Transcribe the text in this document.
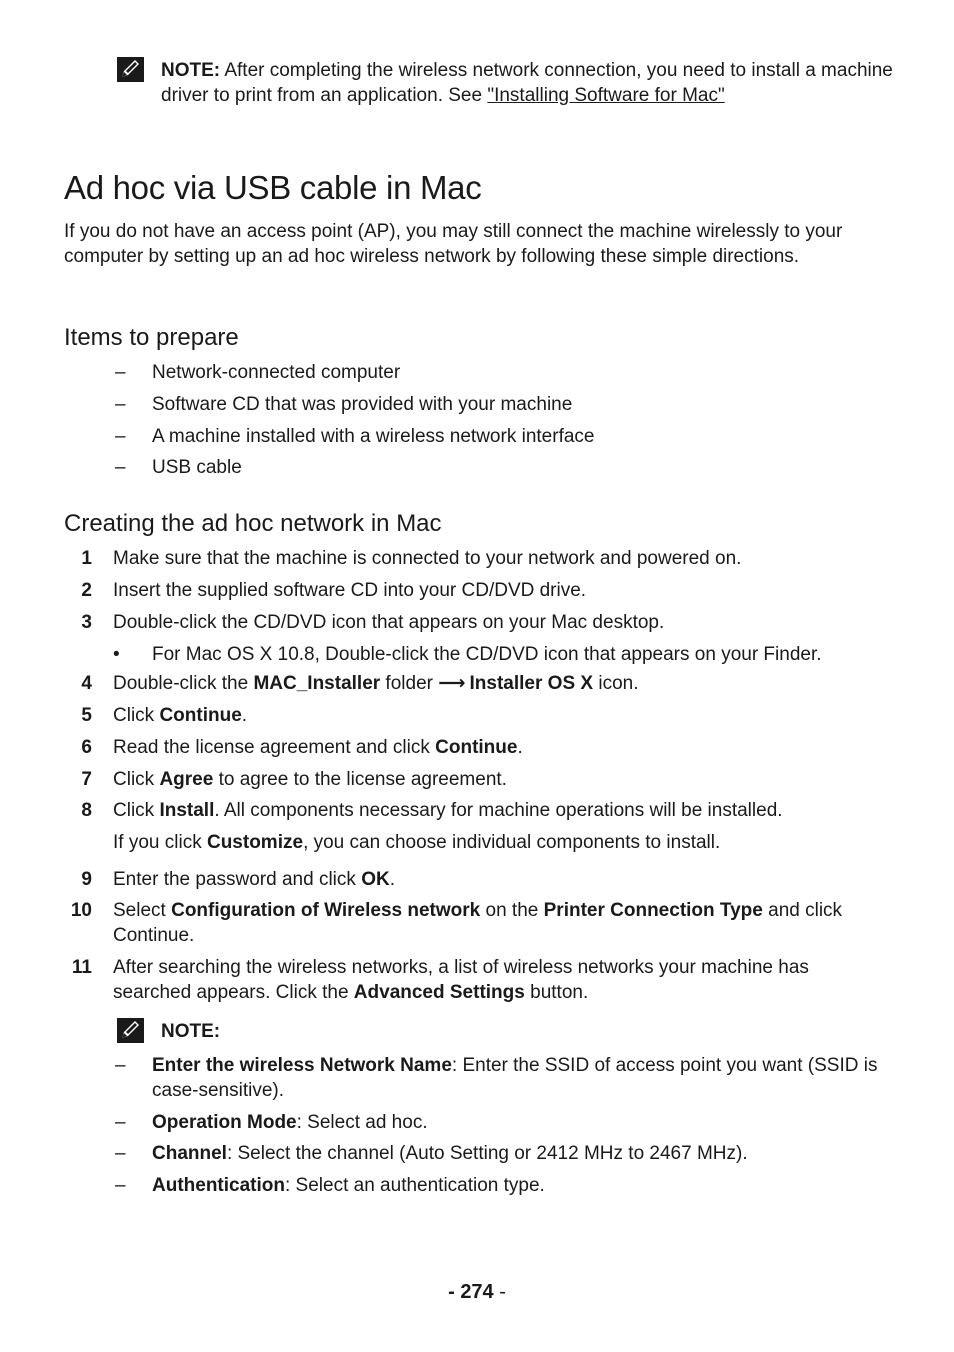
NOTE: After completing the wireless network connection, you need to install a machine driver to print from an application. See "Installing Software for Mac"
Ad hoc via USB cable in Mac
If you do not have an access point (AP), you may still connect the machine wirelessly to your computer by setting up an ad hoc wireless network by following these simple directions.
Items to prepare
– Network-connected computer
– Software CD that was provided with your machine
– A machine installed with a wireless network interface
– USB cable
Creating the ad hoc network in Mac
1 Make sure that the machine is connected to your network and powered on.
2 Insert the supplied software CD into your CD/DVD drive.
3 Double-click the CD/DVD icon that appears on your Mac desktop.
• For Mac OS X 10.8, Double-click the CD/DVD icon that appears on your Finder.
4 Double-click the MAC_Installer folder ⟶ Installer OS X icon.
5 Click Continue.
6 Read the license agreement and click Continue.
7 Click Agree to agree to the license agreement.
8 Click Install. All components necessary for machine operations will be installed.
If you click Customize, you can choose individual components to install.
9 Enter the password and click OK.
10 Select Configuration of Wireless network on the Printer Connection Type and click Continue.
11 After searching the wireless networks, a list of wireless networks your machine has searched appears. Click the Advanced Settings button.
NOTE:
– Enter the wireless Network Name: Enter the SSID of access point you want (SSID is case-sensitive).
– Operation Mode: Select ad hoc.
– Channel: Select the channel (Auto Setting or 2412 MHz to 2467 MHz).
– Authentication: Select an authentication type.
- 274 -
